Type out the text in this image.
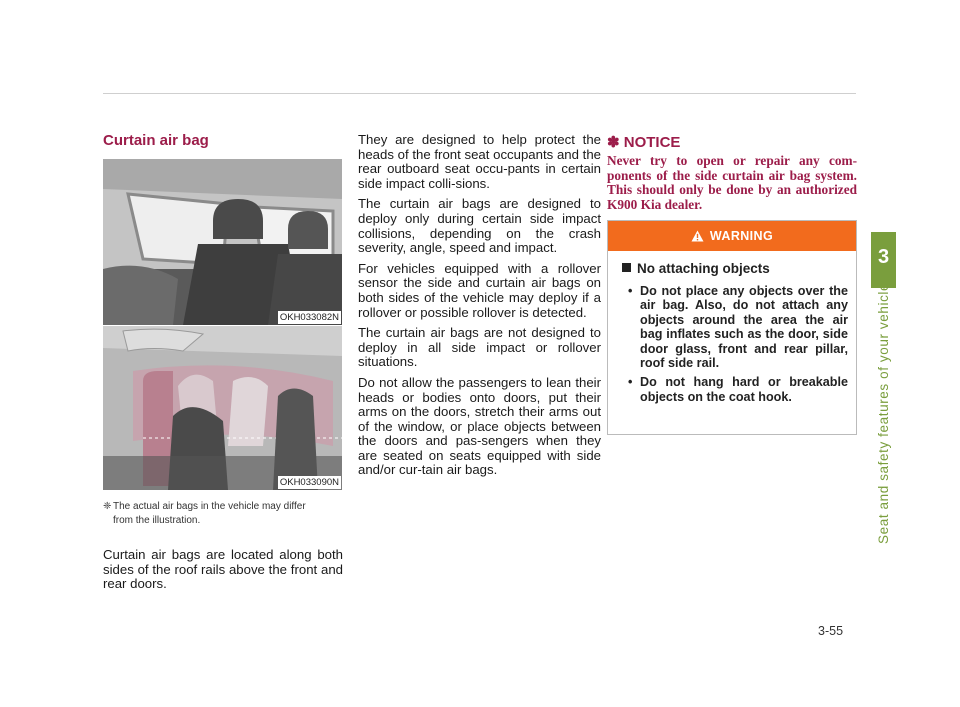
3
Seat and safety features of your vehicle
3-55
Curtain air bag
OKH033082N
OKH033090N
❈ The actual air bags in the vehicle may differ
from the illustration.

Curtain air bags are located along both sides of the roof rails above the front and rear doors.

They are designed to help protect the heads of the front seat occupants and the rear outboard seat occu-pants in certain side impact colli-sions.

The curtain air bags are designed to deploy only during certain side impact collisions, depending on the crash severity, angle, speed and impact.

For vehicles equipped with a rollover sensor the side and curtain air bags on both sides of the vehicle may deploy if a rollover or possible rollover is detected.

The curtain air bags are not designed to deploy in all side impact or rollover situations.

Do not allow the passengers to lean their heads or bodies onto doors, put their arms on the doors, stretch their arms out of the window, or place objects between the doors and pas-sengers when they are seated on seats equipped with side and/or cur-tain air bags.

✽ NOTICE

Never try to open or repair any com-ponents of the side curtain air bag system. This should only be done by an authorized K900 Kia dealer.

WARNING
No attaching objects
• Do not place any objects over the air bag. Also, do not attach any objects around the area the air bag inflates such as the door, side door glass, front and rear pillar, roof side rail.
• Do not hang hard or breakable objects on the coat hook.
